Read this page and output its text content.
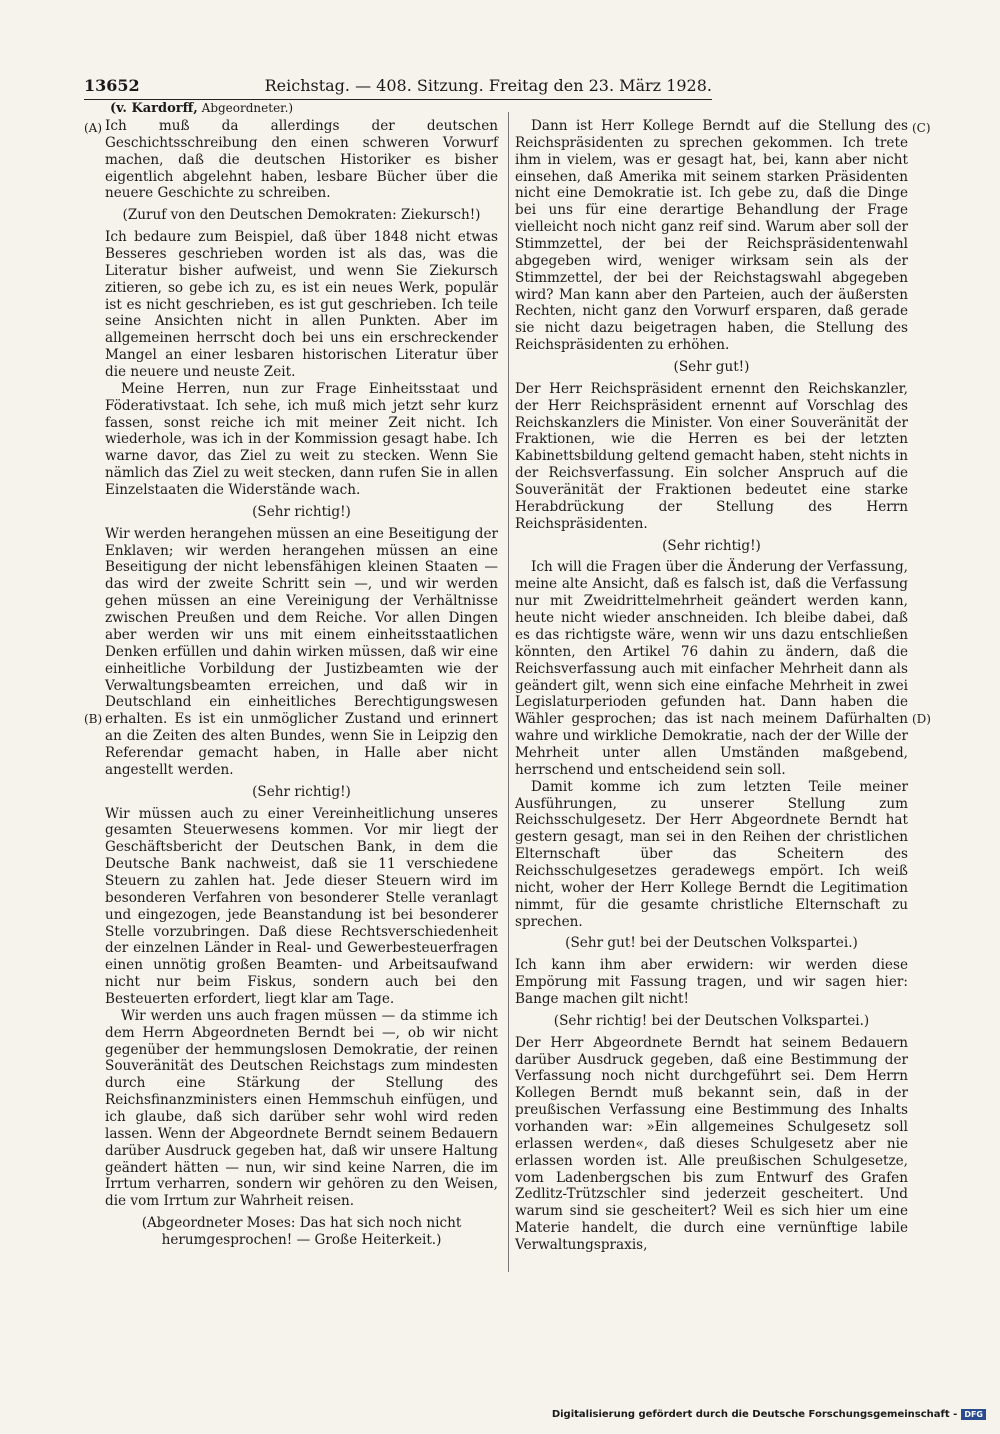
13652	Reichstag. — 408. Sitzung. Freitag den 23. März 1928.
(v. Kardorff, Abgeordneter.)
(A)
(B)
(C)
(D)

Ich muß da allerdings der deutschen Geschichtsschreibung den einen schweren Vorwurf machen, daß die deutschen Historiker es bisher eigentlich abgelehnt haben, lesbare Bücher über die neuere Geschichte zu schreiben.

(Zuruf von den Deutschen Demokraten: Ziekursch!)

Ich bedaure zum Beispiel, daß über 1848 nicht etwas Besseres geschrieben worden ist als das, was die Literatur bisher aufweist, und wenn Sie Ziekursch zitieren, so gebe ich zu, es ist ein neues Werk, populär ist es nicht geschrieben, es ist gut geschrieben. Ich teile seine Ansichten nicht in allen Punkten. Aber im allgemeinen herrscht doch bei uns ein erschreckender Mangel an einer lesbaren historischen Literatur über die neuere und neuste Zeit.

Meine Herren, nun zur Frage Einheitsstaat und Föderativstaat. Ich sehe, ich muß mich jetzt sehr kurz fassen, sonst reiche ich mit meiner Zeit nicht. Ich wiederhole, was ich in der Kommission gesagt habe. Ich warne davor, das Ziel zu weit zu stecken. Wenn Sie nämlich das Ziel zu weit stecken, dann rufen Sie in allen Einzelstaaten die Widerstände wach.

(Sehr richtig!)

Wir werden herangehen müssen an eine Beseitigung der Enklaven; wir werden herangehen müssen an eine Beseitigung der nicht lebensfähigen kleinen Staaten — das wird der zweite Schritt sein —, und wir werden gehen müssen an eine Vereinigung der Verhältnisse zwischen Preußen und dem Reiche. Vor allen Dingen aber werden wir uns mit einem einheitsstaatlichen Denken erfüllen und dahin wirken müssen, daß wir eine einheitliche Vorbildung der Justizbeamten wie der Verwaltungsbeamten erreichen, und daß wir in Deutschland ein einheitliches Berechtigungswesen erhalten. Es ist ein unmöglicher Zustand und erinnert an die Zeiten des alten Bundes, wenn Sie in Leipzig den Referendar gemacht haben, in Halle aber nicht angestellt werden.

(Sehr richtig!)

Wir müssen auch zu einer Vereinheitlichung unseres gesamten Steuerwesens kommen. Vor mir liegt der Geschäftsbericht der Deutschen Bank, in dem die Deutsche Bank nachweist, daß sie 11 verschiedene Steuern zu zahlen hat. Jede dieser Steuern wird im besonderen Verfahren von besonderer Stelle veranlagt und eingezogen, jede Beanstandung ist bei besonderer Stelle vorzubringen. Daß diese Rechtsverschiedenheit der einzelnen Länder in Real- und Gewerbesteuerfragen einen unnötig großen Beamten- und Arbeitsaufwand nicht nur beim Fiskus, sondern auch bei den Besteuerten erfordert, liegt klar am Tage.

Wir werden uns auch fragen müssen — da stimme ich dem Herrn Abgeordneten Berndt bei —, ob wir nicht gegenüber der hemmungslosen Demokratie, der reinen Souveränität des Deutschen Reichstags zum mindesten durch eine Stärkung der Stellung des Reichsfinanzministers einen Hemmschuh einfügen, und ich glaube, daß sich darüber sehr wohl wird reden lassen. Wenn der Abgeordnete Berndt seinem Bedauern darüber Ausdruck gegeben hat, daß wir unsere Haltung geändert hätten — nun, wir sind keine Narren, die im Irrtum verharren, sondern wir gehören zu den Weisen, die vom Irrtum zur Wahrheit reisen.

(Abgeordneter Moses: Das hat sich noch nicht herumgesprochen! — Große Heiterkeit.)

Dann ist Herr Kollege Berndt auf die Stellung des Reichspräsidenten zu sprechen gekommen. Ich trete ihm in vielem, was er gesagt hat, bei, kann aber nicht einsehen, daß Amerika mit seinem starken Präsidenten nicht eine Demokratie ist. Ich gebe zu, daß die Dinge bei uns für eine derartige Behandlung der Frage vielleicht noch nicht ganz reif sind. Warum aber soll der Stimmzettel, der bei der Reichspräsidentenwahl abgegeben wird, weniger wirksam sein als der Stimmzettel, der bei der Reichstagswahl abgegeben wird? Man kann aber den Parteien, auch der äußersten Rechten, nicht ganz den Vorwurf ersparen, daß gerade sie nicht dazu beigetragen haben, die Stellung des Reichspräsidenten zu erhöhen.

(Sehr gut!)

Der Herr Reichspräsident ernennt den Reichskanzler, der Herr Reichspräsident ernennt auf Vorschlag des Reichskanzlers die Minister. Von einer Souveränität der Fraktionen, wie die Herren es bei der letzten Kabinettsbildung geltend gemacht haben, steht nichts in der Reichsverfassung. Ein solcher Anspruch auf die Souveränität der Fraktionen bedeutet eine starke Herabdrückung der Stellung des Herrn Reichspräsidenten.

(Sehr richtig!)

Ich will die Fragen über die Änderung der Verfassung, meine alte Ansicht, daß es falsch ist, daß die Verfassung nur mit Zweidrittelmehrheit geändert werden kann, heute nicht wieder anschneiden. Ich bleibe dabei, daß es das richtigste wäre, wenn wir uns dazu entschließen könnten, den Artikel 76 dahin zu ändern, daß die Reichsverfassung auch mit einfacher Mehrheit dann als geändert gilt, wenn sich eine einfache Mehrheit in zwei Legislaturperioden gefunden hat. Dann haben die Wähler gesprochen; das ist nach meinem Dafürhalten wahre und wirkliche Demokratie, nach der der Wille der Mehrheit unter allen Umständen maßgebend, herrschend und entscheidend sein soll.

Damit komme ich zum letzten Teile meiner Ausführungen, zu unserer Stellung zum Reichsschulgesetz. Der Herr Abgeordnete Berndt hat gestern gesagt, man sei in den Reihen der christlichen Elternschaft über das Scheitern des Reichsschulgesetzes geradewegs empört. Ich weiß nicht, woher der Herr Kollege Berndt die Legitimation nimmt, für die gesamte christliche Elternschaft zu sprechen.

(Sehr gut! bei der Deutschen Volkspartei.)

Ich kann ihm aber erwidern: wir werden diese Empörung mit Fassung tragen, und wir sagen hier: Bange machen gilt nicht!

(Sehr richtig! bei der Deutschen Volkspartei.)

Der Herr Abgeordnete Berndt hat seinem Bedauern darüber Ausdruck gegeben, daß eine Bestimmung der Verfassung noch nicht durchgeführt sei. Dem Herrn Kollegen Berndt muß bekannt sein, daß in der preußischen Verfassung eine Bestimmung des Inhalts vorhanden war: »Ein allgemeines Schulgesetz soll erlassen werden«, daß dieses Schulgesetz aber nie erlassen worden ist. Alle preußischen Schulgesetze, vom Ladenbergschen bis zum Entwurf des Grafen Zedlitz-Trützschler sind jederzeit gescheitert. Und warum sind sie gescheitert? Weil es sich hier um eine Materie handelt, die durch eine vernünftige labile Verwaltungspraxis,

Digitalisierung gefördert durch die Deutsche Forschungsgemeinschaft - DFG
